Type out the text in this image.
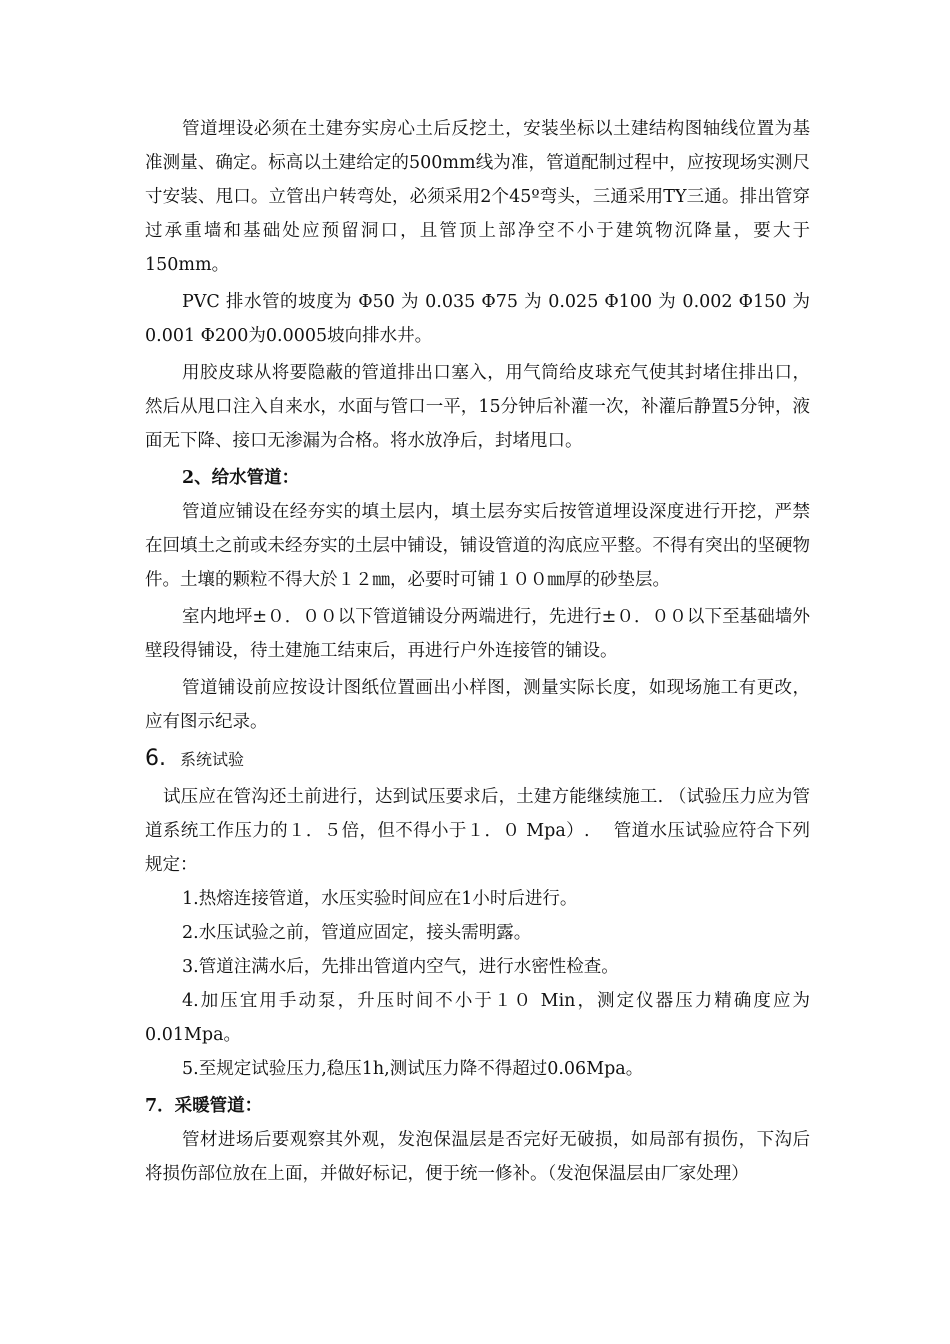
管道埋设必须在土建夯实房心土后反挖土，安装坐标以土建结构图轴线位置为基准测量、确定。标高以土建给定的500mm线为准，管道配制过程中，应按现场实测尺寸安装、甩口。立管出户转弯处，必须采用2个45º弯头，三通采用TY三通。排出管穿过承重墙和基础处应预留洞口，且管顶上部净空不小于建筑物沉降量，要大于150mm。

PVC 排水管的坡度为 Φ50 为 0.035 Φ75 为 0.025 Φ100 为 0.002 Φ150 为 0.001 Φ200为0.0005坡向排水井。

用胶皮球从将要隐蔽的管道排出口塞入，用气筒给皮球充气使其封堵住排出口，然后从甩口注入自来水，水面与管口一平，15分钟后补灌一次，补灌后静置5分钟，液面无下降、接口无渗漏为合格。将水放净后，封堵甩口。

2、给水管道：

管道应铺设在经夯实的填土层内，填土层夯实后按管道埋设深度进行开挖，严禁在回填土之前或未经夯实的土层中铺设，铺设管道的沟底应平整。不得有突出的坚硬物件。土壤的颗粒不得大於１２㎜，必要时可铺１００㎜厚的砂垫层。

室内地坪±０．００以下管道铺设分两端进行，先进行±０．００以下至基础墙外壁段得铺设，待土建施工结束后，再进行户外连接管的铺设。

管道铺设前应按设计图纸位置画出小样图，测量实际长度，如现场施工有更改，应有图示纪录。

6. 系统试验

试压应在管沟还土前进行，达到试压要求后，土建方能继续施工. （试验压力应为管道系统工作压力的１．５倍，但不得小于１．０ Mpa）.　 管道水压试验应符合下列规定：

1.热熔连接管道，水压实验时间应在1小时后进行。

2.水压试验之前，管道应固定，接头需明露。

3.管道注满水后，先排出管道内空气，进行水密性检查。

4.加压宜用手动泵，升压时间不小于１０ Min，测定仪器压力精确度应为0.01Mpa。

5.至规定试验压力,稳压1h,测试压力降不得超过0.06Mpa。

7．采暖管道：

管材进场后要观察其外观，发泡保温层是否完好无破损，如局部有损伤，下沟后将损伤部位放在上面，并做好标记，便于统一修补。（发泡保温层由厂家处理）
